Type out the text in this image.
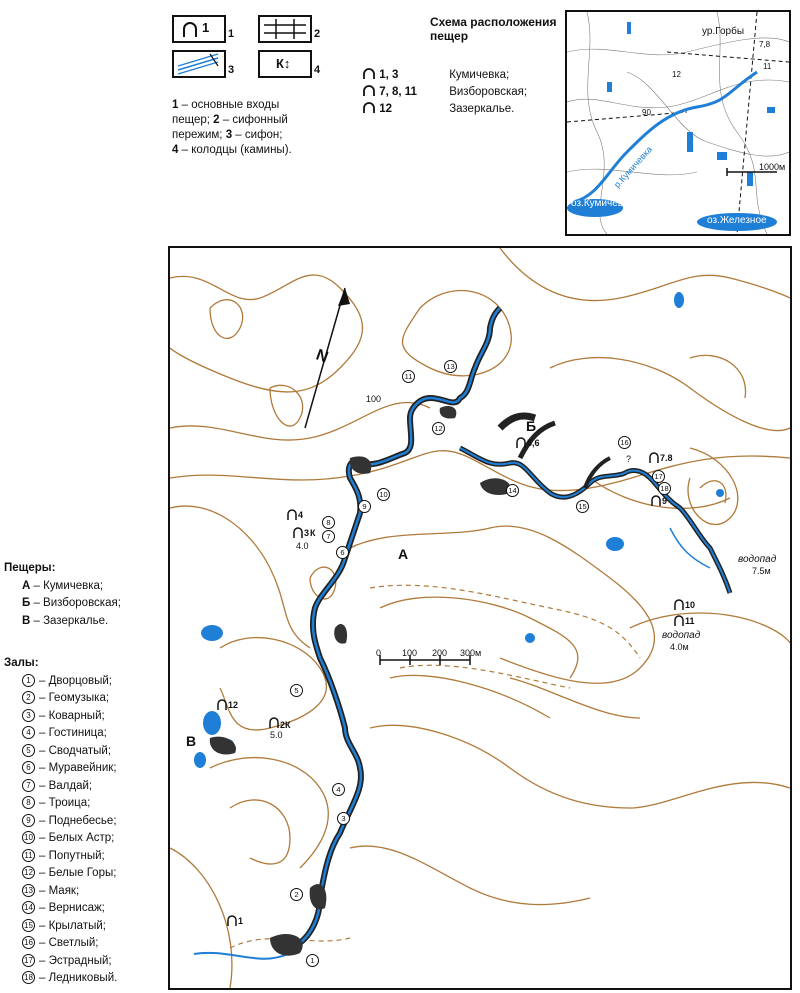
1 1	2
3	К↕ 4
1 – основные входы
пещер; 2 – сифонный
пережим; 3 – сифон;
4 – колодцы (камины).
Схема расположения
пещер
1, 3	Кумичевка;
7, 8, 11	Визборовская;
12	Зазеркалье.
ур.Горбы
р.Кумичевка
оз.Кумичево
оз.Железное
1000м
90
7,8
11
12
Пещеры:
А – Кумичевка;
Б – Визборовская;
В – Зазеркалье.
Залы:
1 – Дворцовый;
2 – Геомузыка;
3 – Коварный;
4 – Гостиница;
5 – Сводчатый;
6 – Муравейник;
7 – Валдай;
8 – Троица;
9 – Поднебесье;
10 – Белых Астр;
11 – Попутный;
12 – Белые Горы;
13 – Маяк;
14 – Вернисаж;
15 – Крылатый;
16 – Светлый;
17 – Эстрадный;
18 – Ледниковый.
N
100
А
Б
В
0 100 200 300м
1
4
3 К
4.0
2К
5.0
12
5,6
7.8
9
10
11
?
водопад
7.5м
водопад
4.0м
1
2
3
4
5
6
7
8
9
10
11
12
13
14
15
16
17
18
